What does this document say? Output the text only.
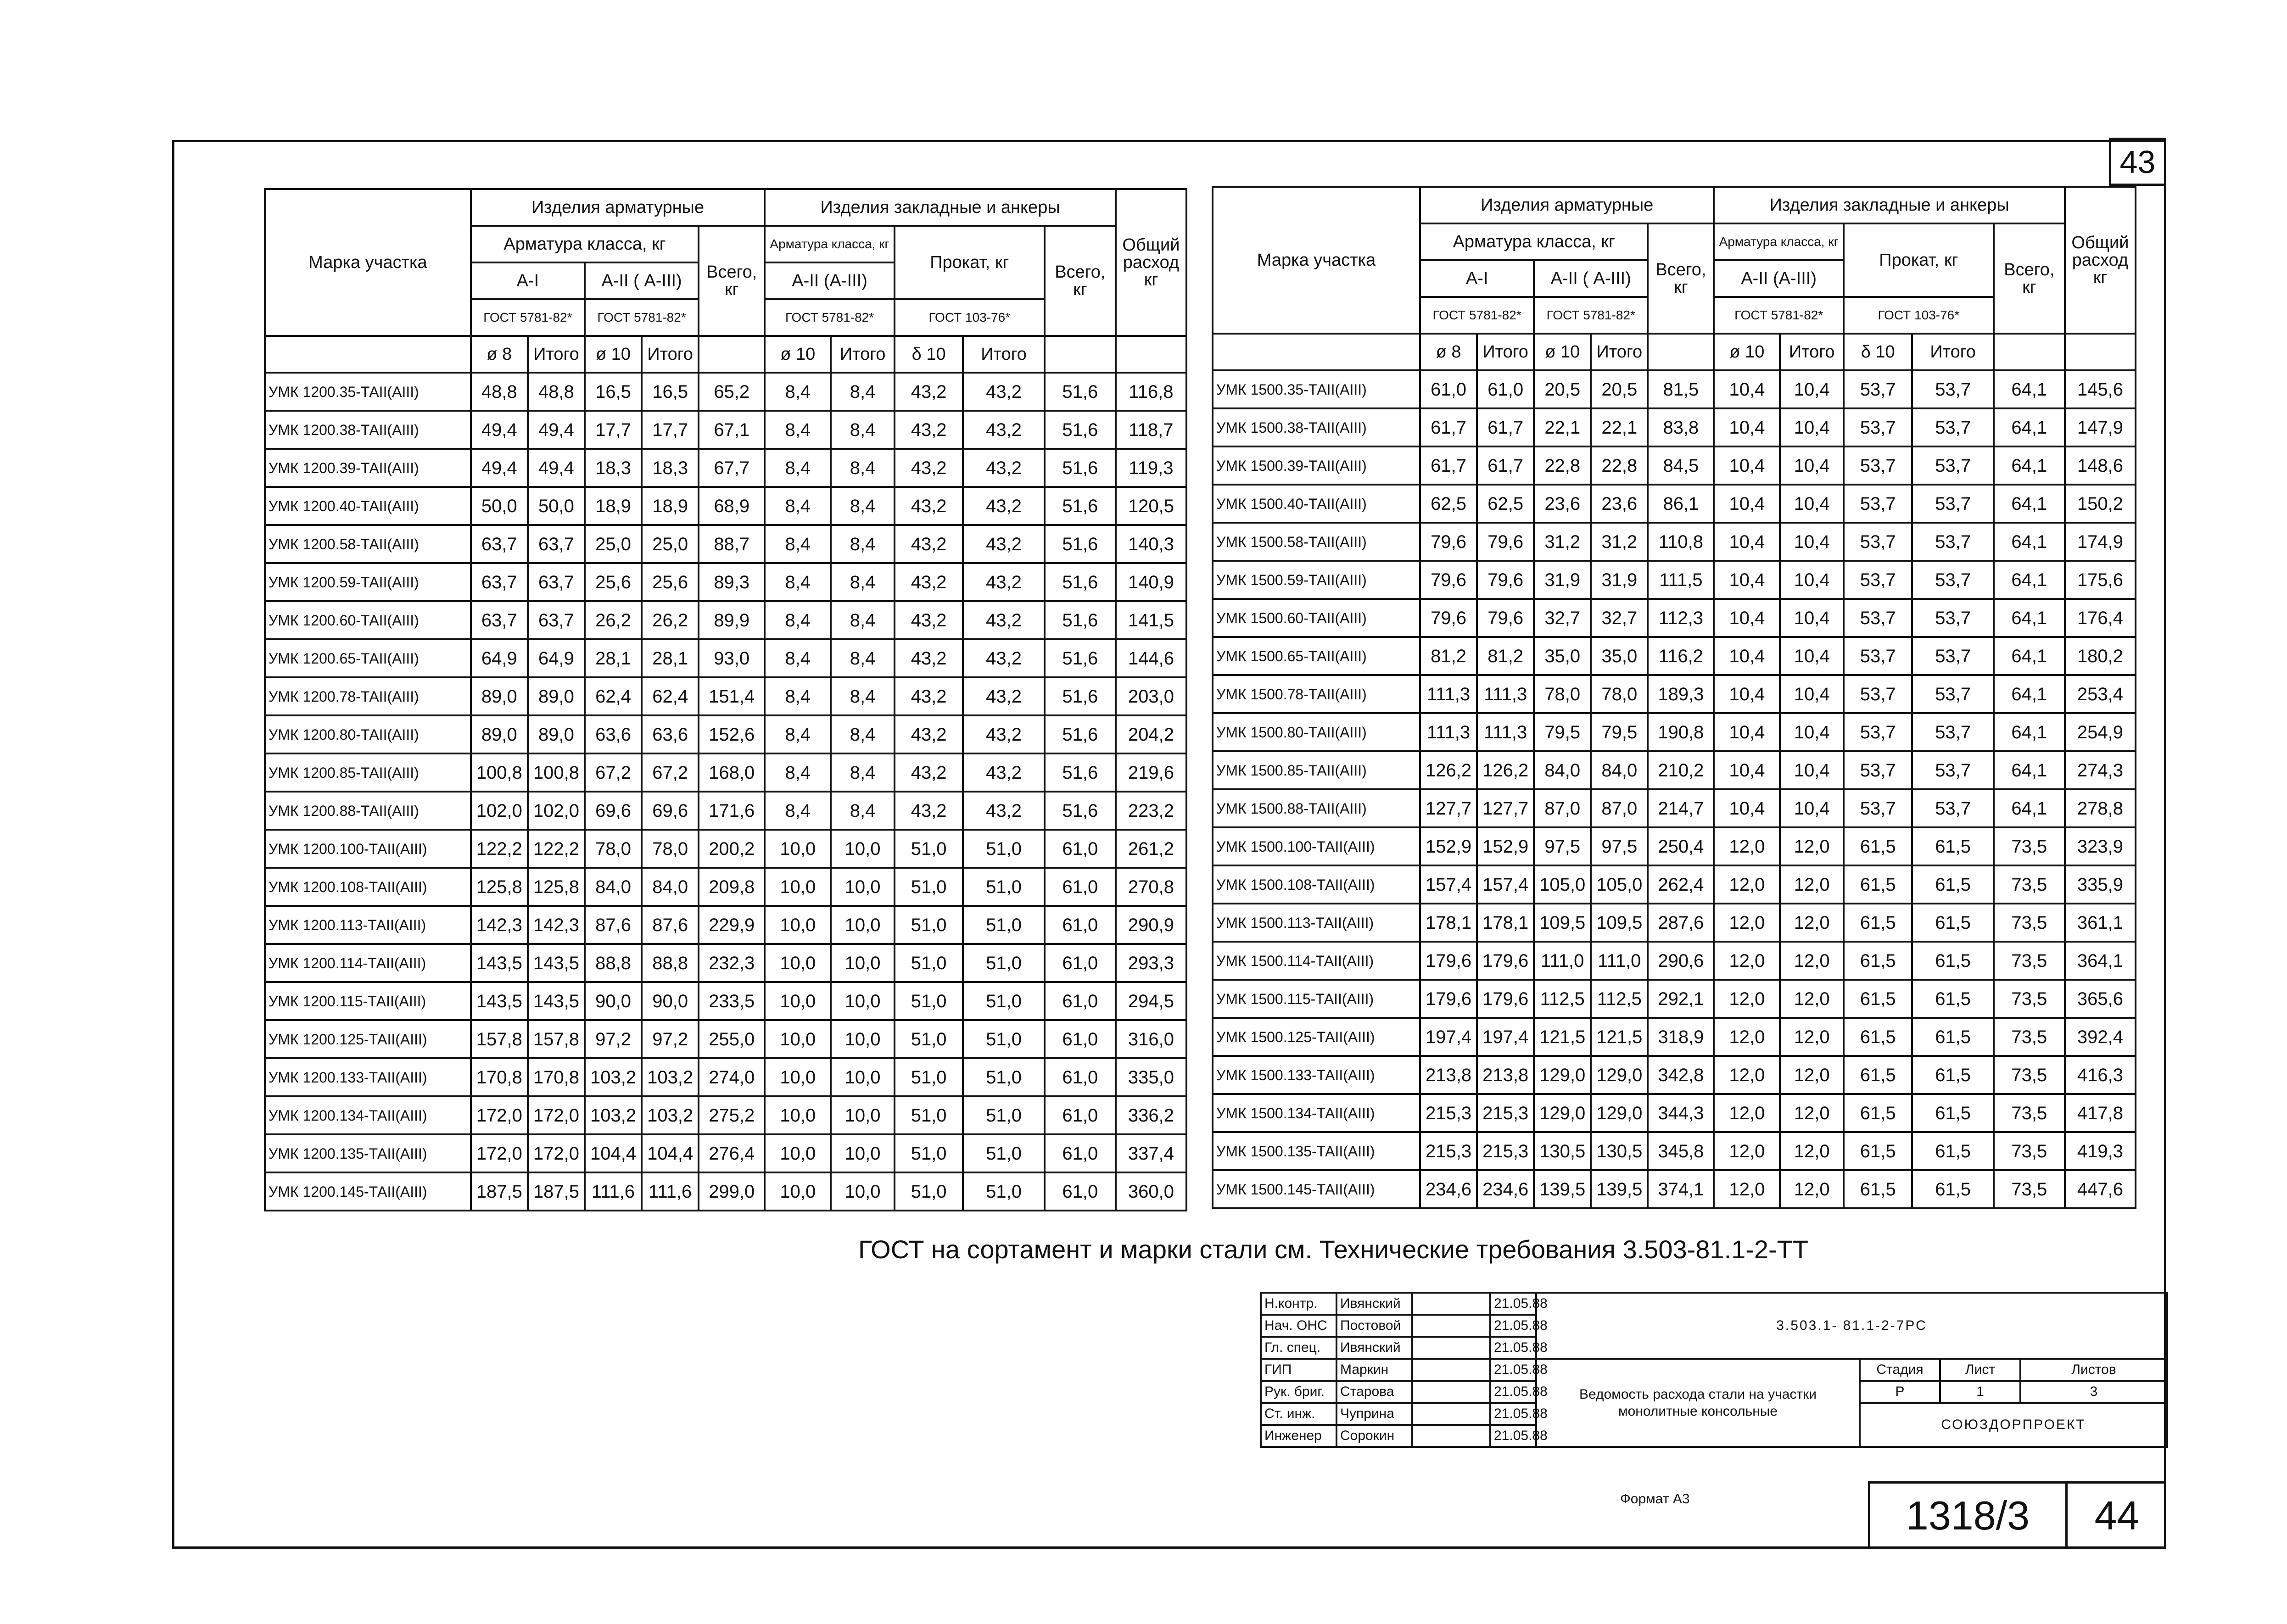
43
Марка участка	Изделия арматурные					Изделия закладные и анкеры					Общий расход кг
	Арматура класса, кг				Всего, кг	Арматура класса, кг		Прокат, кг		Всего, кг	
	А-I		А-II ( А-III)			А-II (А-III)					
	ГОСТ 5781-82*		ГОСТ 5781-82*			ГОСТ 5781-82*		ГОСТ 103-76*			
	ø 8	Итого	ø 10	Итого		ø 10	Итого	δ 10	Итого		
УМК 1200.35-ТАII(АIII)	48,8	48,8	16,5	16,5	65,2	8,4	8,4	43,2	43,2	51,6	116,8
УМК 1200.38-ТАII(АIII)	49,4	49,4	17,7	17,7	67,1	8,4	8,4	43,2	43,2	51,6	118,7
УМК 1200.39-ТАII(АIII)	49,4	49,4	18,3	18,3	67,7	8,4	8,4	43,2	43,2	51,6	119,3
УМК 1200.40-ТАII(АIII)	50,0	50,0	18,9	18,9	68,9	8,4	8,4	43,2	43,2	51,6	120,5
УМК 1200.58-ТАII(АIII)	63,7	63,7	25,0	25,0	88,7	8,4	8,4	43,2	43,2	51,6	140,3
УМК 1200.59-ТАII(АIII)	63,7	63,7	25,6	25,6	89,3	8,4	8,4	43,2	43,2	51,6	140,9
УМК 1200.60-ТАII(АIII)	63,7	63,7	26,2	26,2	89,9	8,4	8,4	43,2	43,2	51,6	141,5
УМК 1200.65-ТАII(АIII)	64,9	64,9	28,1	28,1	93,0	8,4	8,4	43,2	43,2	51,6	144,6
УМК 1200.78-ТАII(АIII)	89,0	89,0	62,4	62,4	151,4	8,4	8,4	43,2	43,2	51,6	203,0
УМК 1200.80-ТАII(АIII)	89,0	89,0	63,6	63,6	152,6	8,4	8,4	43,2	43,2	51,6	204,2
УМК 1200.85-ТАII(АIII)	100,8	100,8	67,2	67,2	168,0	8,4	8,4	43,2	43,2	51,6	219,6
УМК 1200.88-ТАII(АIII)	102,0	102,0	69,6	69,6	171,6	8,4	8,4	43,2	43,2	51,6	223,2
УМК 1200.100-ТАII(АIII)	122,2	122,2	78,0	78,0	200,2	10,0	10,0	51,0	51,0	61,0	261,2
УМК 1200.108-ТАII(АIII)	125,8	125,8	84,0	84,0	209,8	10,0	10,0	51,0	51,0	61,0	270,8
УМК 1200.113-ТАII(АIII)	142,3	142,3	87,6	87,6	229,9	10,0	10,0	51,0	51,0	61,0	290,9
УМК 1200.114-ТАII(АIII)	143,5	143,5	88,8	88,8	232,3	10,0	10,0	51,0	51,0	61,0	293,3
УМК 1200.115-ТАII(АIII)	143,5	143,5	90,0	90,0	233,5	10,0	10,0	51,0	51,0	61,0	294,5
УМК 1200.125-ТАII(АIII)	157,8	157,8	97,2	97,2	255,0	10,0	10,0	51,0	51,0	61,0	316,0
УМК 1200.133-ТАII(АIII)	170,8	170,8	103,2	103,2	274,0	10,0	10,0	51,0	51,0	61,0	335,0
УМК 1200.134-ТАII(АIII)	172,0	172,0	103,2	103,2	275,2	10,0	10,0	51,0	51,0	61,0	336,2
УМК 1200.135-ТАII(АIII)	172,0	172,0	104,4	104,4	276,4	10,0	10,0	51,0	51,0	61,0	337,4
УМК 1200.145-ТАII(АIII)	187,5	187,5	111,6	111,6	299,0	10,0	10,0	51,0	51,0	61,0	360,0
Марка участка	Изделия арматурные					Изделия закладные и анкеры					Общий расход кг
	Арматура класса, кг				Всего, кг	Арматура класса, кг		Прокат, кг		Всего, кг	
	А-I		А-II ( А-III)			А-II (А-III)					
	ГОСТ 5781-82*		ГОСТ 5781-82*			ГОСТ 5781-82*		ГОСТ 103-76*			
	ø 8	Итого	ø 10	Итого		ø 10	Итого	δ 10	Итого		
УМК 1500.35-ТАII(АIII)	61,0	61,0	20,5	20,5	81,5	10,4	10,4	53,7	53,7	64,1	145,6
УМК 1500.38-ТАII(АIII)	61,7	61,7	22,1	22,1	83,8	10,4	10,4	53,7	53,7	64,1	147,9
УМК 1500.39-ТАII(АIII)	61,7	61,7	22,8	22,8	84,5	10,4	10,4	53,7	53,7	64,1	148,6
УМК 1500.40-ТАII(АIII)	62,5	62,5	23,6	23,6	86,1	10,4	10,4	53,7	53,7	64,1	150,2
УМК 1500.58-ТАII(АIII)	79,6	79,6	31,2	31,2	110,8	10,4	10,4	53,7	53,7	64,1	174,9
УМК 1500.59-ТАII(АIII)	79,6	79,6	31,9	31,9	111,5	10,4	10,4	53,7	53,7	64,1	175,6
УМК 1500.60-ТАII(АIII)	79,6	79,6	32,7	32,7	112,3	10,4	10,4	53,7	53,7	64,1	176,4
УМК 1500.65-ТАII(АIII)	81,2	81,2	35,0	35,0	116,2	10,4	10,4	53,7	53,7	64,1	180,2
УМК 1500.78-ТАII(АIII)	111,3	111,3	78,0	78,0	189,3	10,4	10,4	53,7	53,7	64,1	253,4
УМК 1500.80-ТАII(АIII)	111,3	111,3	79,5	79,5	190,8	10,4	10,4	53,7	53,7	64,1	254,9
УМК 1500.85-ТАII(АIII)	126,2	126,2	84,0	84,0	210,2	10,4	10,4	53,7	53,7	64,1	274,3
УМК 1500.88-ТАII(АIII)	127,7	127,7	87,0	87,0	214,7	10,4	10,4	53,7	53,7	64,1	278,8
УМК 1500.100-ТАII(АIII)	152,9	152,9	97,5	97,5	250,4	12,0	12,0	61,5	61,5	73,5	323,9
УМК 1500.108-ТАII(АIII)	157,4	157,4	105,0	105,0	262,4	12,0	12,0	61,5	61,5	73,5	335,9
УМК 1500.113-ТАII(АIII)	178,1	178,1	109,5	109,5	287,6	12,0	12,0	61,5	61,5	73,5	361,1
УМК 1500.114-ТАII(АIII)	179,6	179,6	111,0	111,0	290,6	12,0	12,0	61,5	61,5	73,5	364,1
УМК 1500.115-ТАII(АIII)	179,6	179,6	112,5	112,5	292,1	12,0	12,0	61,5	61,5	73,5	365,6
УМК 1500.125-ТАII(АIII)	197,4	197,4	121,5	121,5	318,9	12,0	12,0	61,5	61,5	73,5	392,4
УМК 1500.133-ТАII(АIII)	213,8	213,8	129,0	129,0	342,8	12,0	12,0	61,5	61,5	73,5	416,3
УМК 1500.134-ТАII(АIII)	215,3	215,3	129,0	129,0	344,3	12,0	12,0	61,5	61,5	73,5	417,8
УМК 1500.135-ТАII(АIII)	215,3	215,3	130,5	130,5	345,8	12,0	12,0	61,5	61,5	73,5	419,3
УМК 1500.145-ТАII(АIII)	234,6	234,6	139,5	139,5	374,1	12,0	12,0	61,5	61,5	73,5	447,6
ГОСТ на сортамент и марки стали см. Технические требования 3.503-81.1-2-ТТ
Н.контр.	Ивянский		21.05.88	3.503.1- 81.1-2-7РС			
Нач. ОНС	Постовой		21.05.88				
Гл. спец.	Ивянский		21.05.88				
ГИП	Маркин		21.05.88	Ведомость расхода стали на участки монолитные консольные	Стадия	Лист	Листов
Рук. бриг.	Старова		21.05.88		Р	1	3
Ст. инж.	Чуприна		21.05.88		СОЮЗДОРПРОЕКТ		
Инженер	Сорокин		21.05.88				
Формат А3	1318/3	44
